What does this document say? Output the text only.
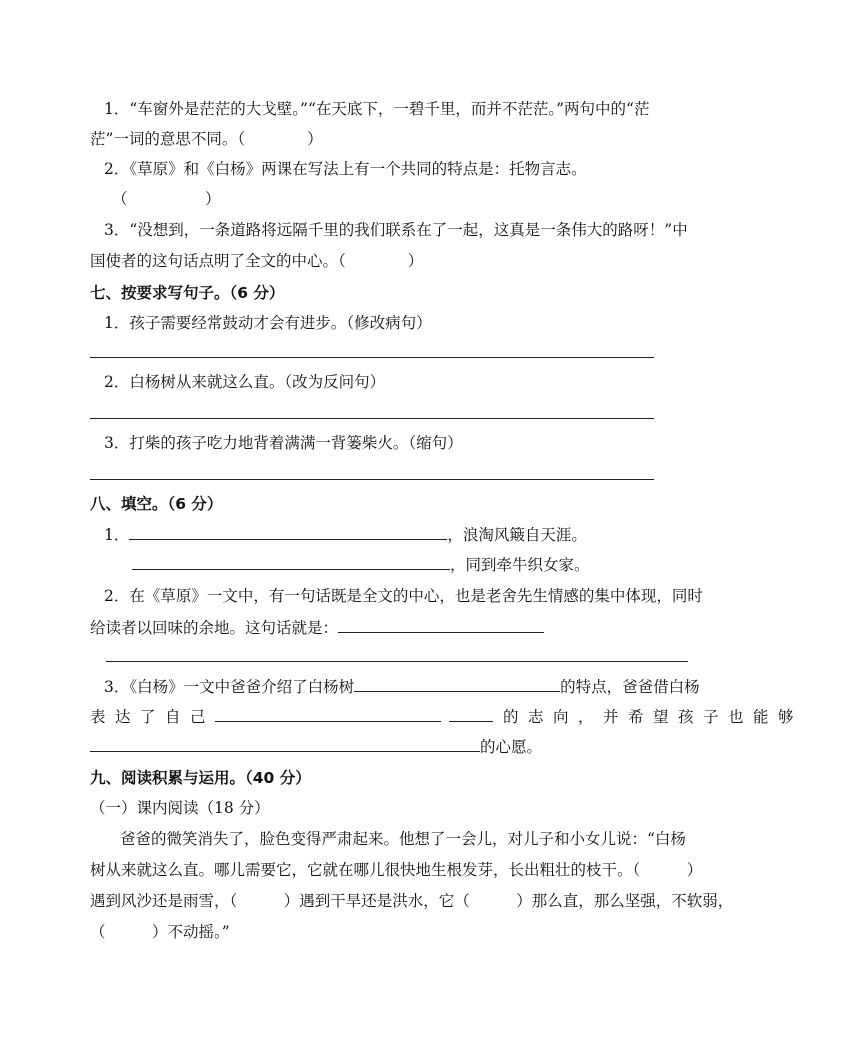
1．“车窗外是茫茫的大戈壁。”“在天底下，一碧千里，而并不茫茫。”两句中的“茫
茫”一词的意思不同。（　　　　）
2．《草原》和《白杨》两课在写法上有一个共同的特点是：托物言志。
（　　　　　）
3．“没想到，一条道路将远隔千里的我们联系在了一起，这真是一条伟大的路呀！”中
国使者的这句话点明了全文的中心。（　　　　）
七、按要求写句子。（6 分）
1．孩子需要经常鼓动才会有进步。（修改病句）
2．白杨树从来就这么直。（改为反问句）
3．打柴的孩子吃力地背着满满一背篓柴火。（缩句）
八、填空。（6 分）
1．	，浪淘风簸自天涯。
，同到牵牛织女家。
2．在《草原》一文中，有一句话既是全文的中心，也是老舍先生情感的集中体现，同时
给读者以回味的余地。这句话就是：
3．《白杨》一文中爸爸介绍了白杨树	的特点，爸爸借白杨
表达了自己	的志向，并希望孩子也能够
的心愿。
九、阅读积累与运用。（40 分）
（一）课内阅读（18 分）
爸爸的微笑消失了，脸色变得严肃起来。他想了一会儿，对儿子和小女儿说：“白杨
树从来就这么直。哪儿需要它，它就在哪儿很快地生根发芽，长出粗壮的枝干。（　　　）
遇到风沙还是雨雪，（　　　）遇到干旱还是洪水，它（　　　）那么直，那么坚强，不软弱，
（　　　）不动摇。”
